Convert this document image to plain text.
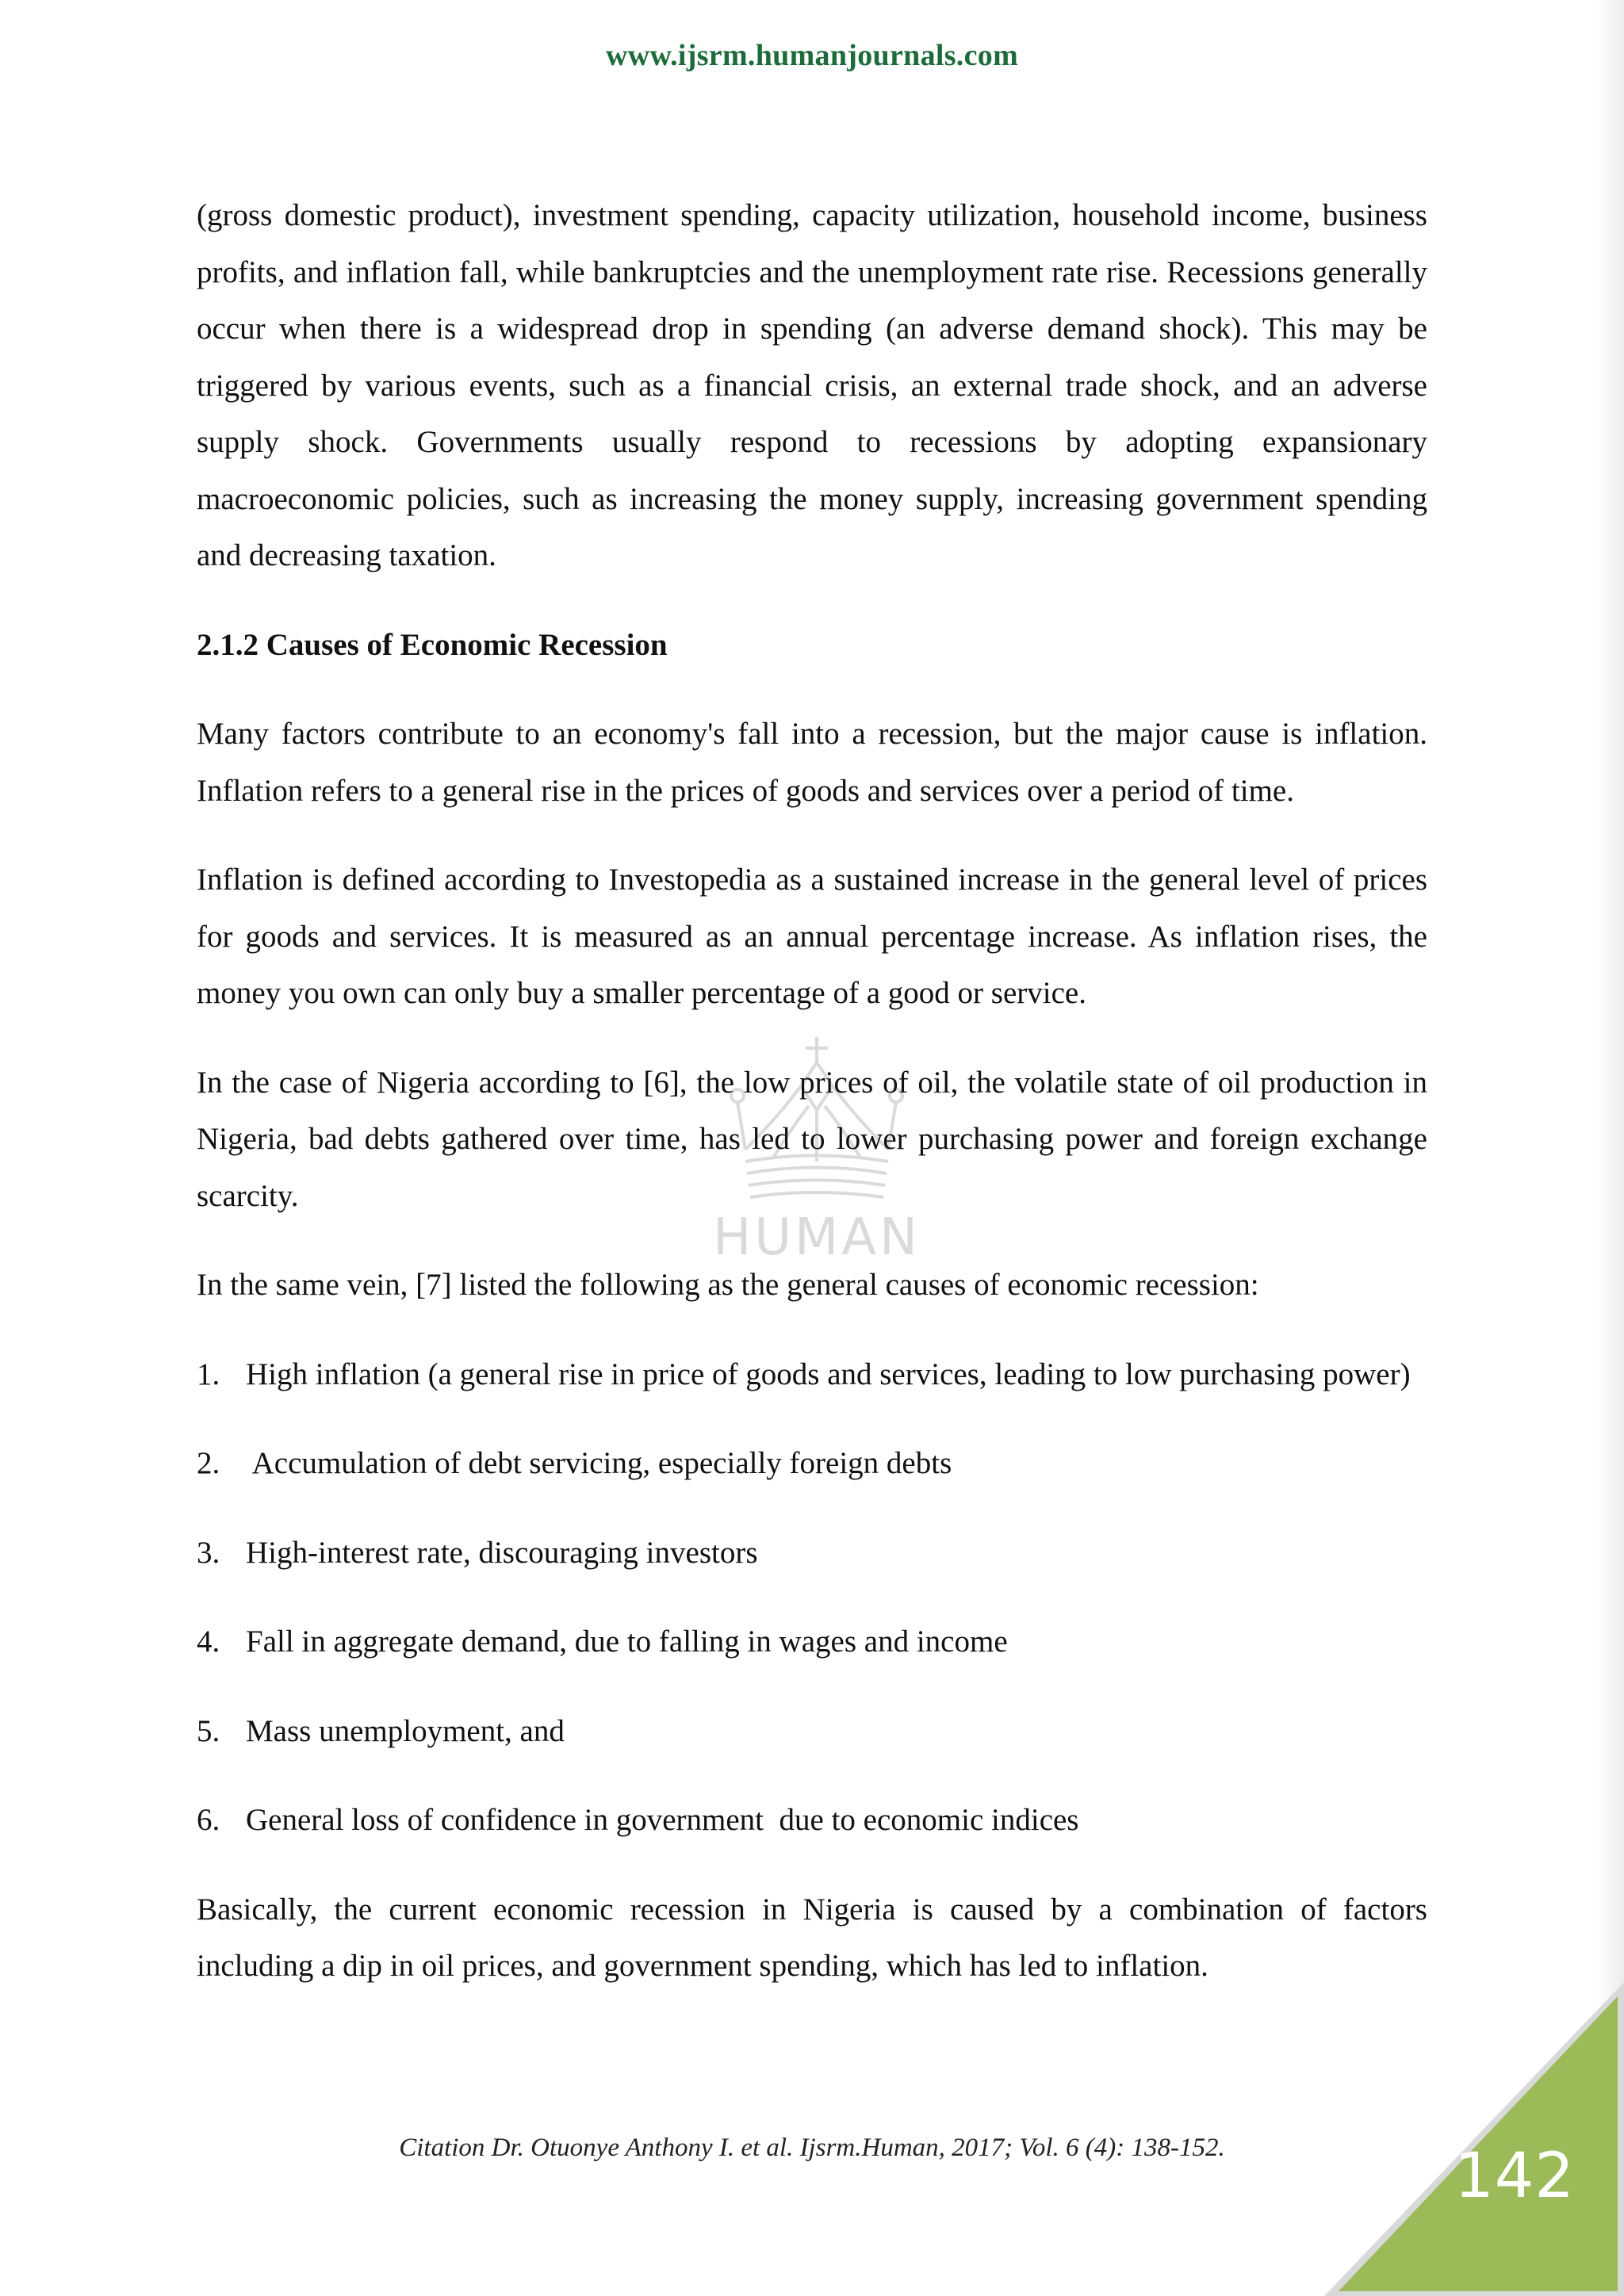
www.ijsrm.humanjournals.com
HUMAN

(gross domestic product), investment spending, capacity utilization, household income, business profits, and inflation fall, while bankruptcies and the unemployment rate rise. Recessions generally occur when there is a widespread drop in spending (an adverse demand shock). This may be triggered by various events, such as a financial crisis, an external trade shock, and an adverse supply shock. Governments usually respond to recessions by adopting expansionary macroeconomic policies, such as increasing the money supply, increasing government spending and decreasing taxation.

2.1.2 Causes of Economic Recession

Many factors contribute to an economy's fall into a recession, but the major cause is inflation. Inflation refers to a general rise in the prices of goods and services over a period of time.

Inflation is defined according to Investopedia as a sustained increase in the general level of prices for goods and services. It is measured as an annual percentage increase. As inflation rises, the money you own can only buy a smaller percentage of a good or service.

In the case of Nigeria according to [6], the low prices of oil, the volatile state of oil production in Nigeria, bad debts gathered over time, has led to lower purchasing power and foreign exchange scarcity.

In the same vein, [7] listed the following as the general causes of economic recession:

1. High inflation (a general rise in price of goods and services, leading to low purchasing power)
2. Accumulation of debt servicing, especially foreign debts
3. High-interest rate, discouraging investors
4. Fall in aggregate demand, due to falling in wages and income
5. Mass unemployment, and
6. General loss of confidence in government  due to economic indices

Basically, the current economic recession in Nigeria is caused by a combination of factors including a dip in oil prices, and government spending, which has led to inflation.

Citation Dr. Otuonye Anthony I. et al. Ijsrm.Human, 2017; Vol. 6 (4): 138-152.	142
